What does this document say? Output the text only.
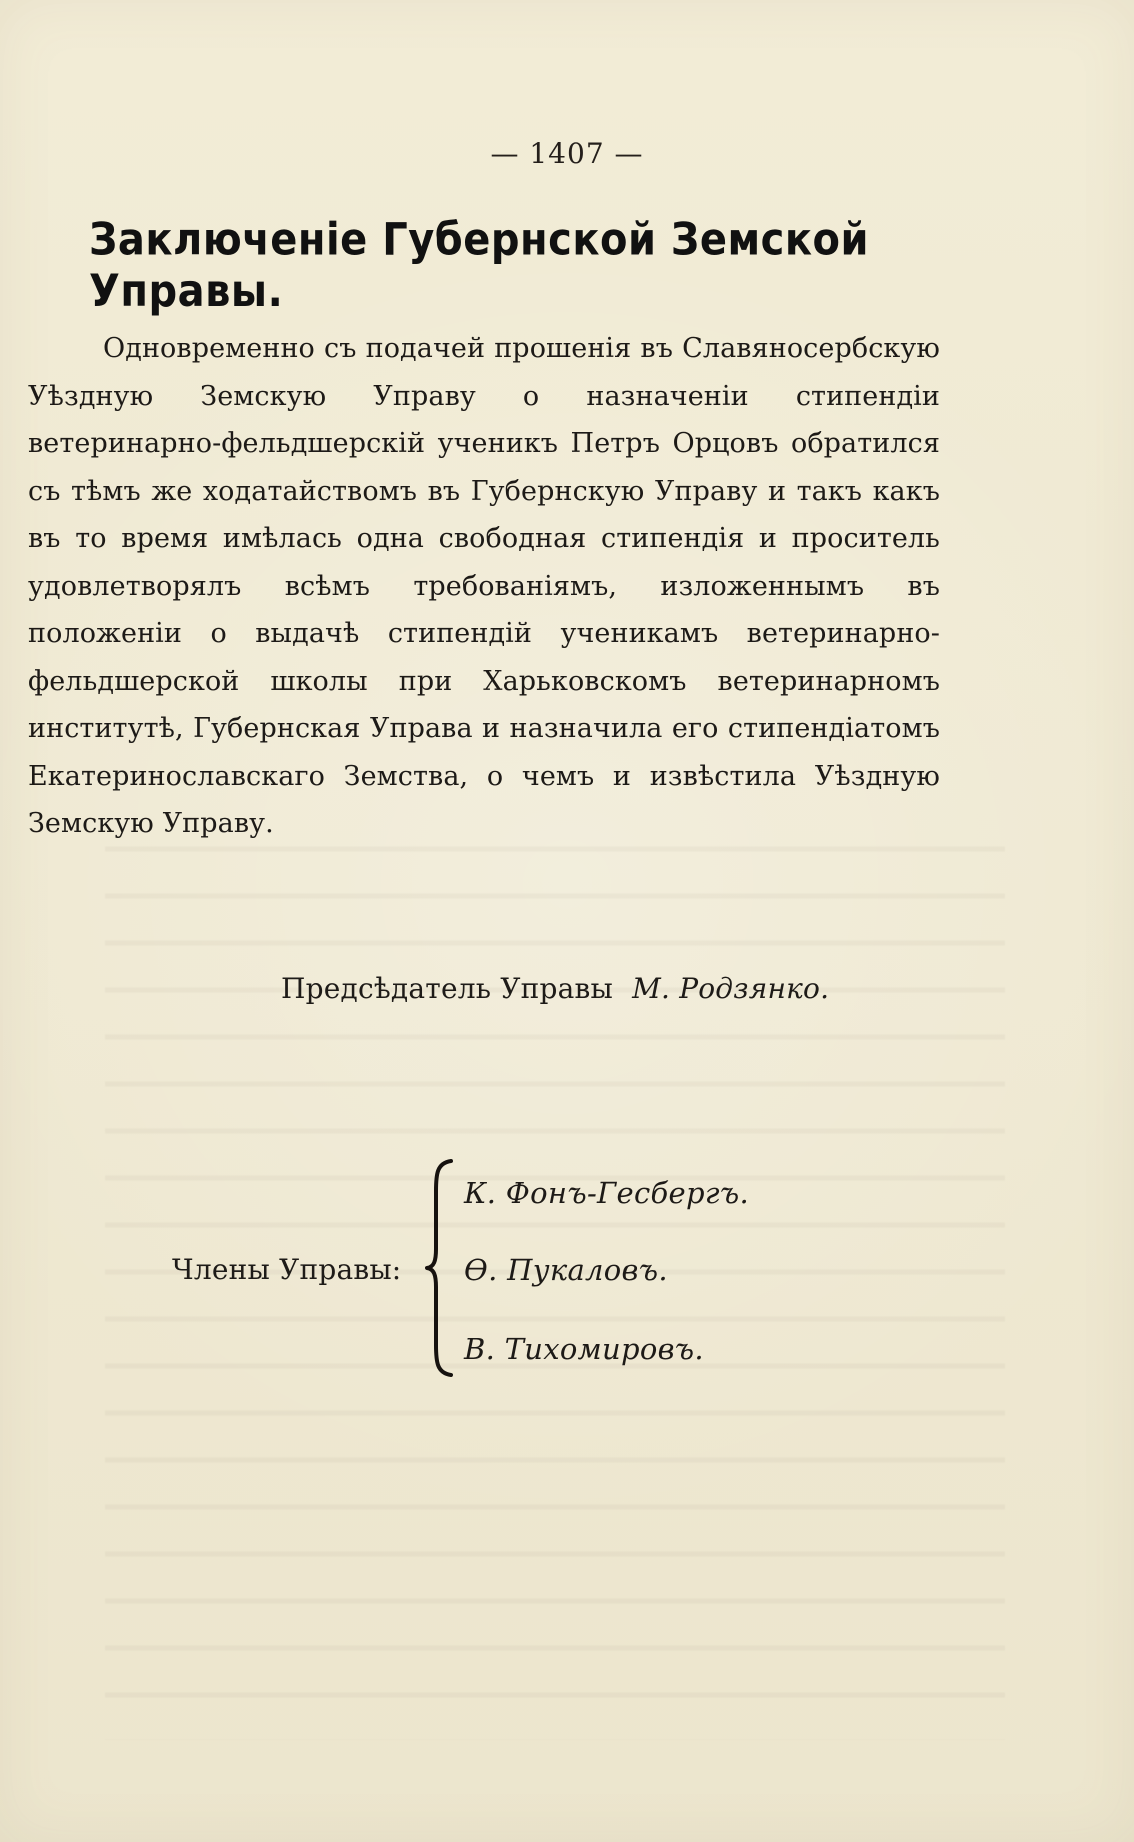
— 1407 —
Заключеніе Губернской Земской Управы.

Одновременно съ подачей прошенія въ Славяносербскую Уѣздную Земскую Управу о назначеніи стипендіи ветеринарно-фельдшерскій ученикъ Петръ Орцовъ обратился съ тѣмъ же ходатайствомъ въ Губернскую Управу и такъ какъ въ то время имѣлась одна свободная стипендія и проситель удовлетворялъ всѣмъ требованіямъ, изложеннымъ въ положеніи о выдачѣ стипендій ученикамъ ветеринарно-фельдшерской школы при Харьковскомъ ветеринарномъ институтѣ, Губернская Управа и назначила его стипендіатомъ Екатеринославскаго Земства, о чемъ и извѣстила Уѣздную Земскую Управу.

Предсѣдатель Управы М. Родзянко.
Члены Управы:
К. Фонъ-Гесбергъ.
Ѳ. Пукаловъ.
В. Тихомировъ.
